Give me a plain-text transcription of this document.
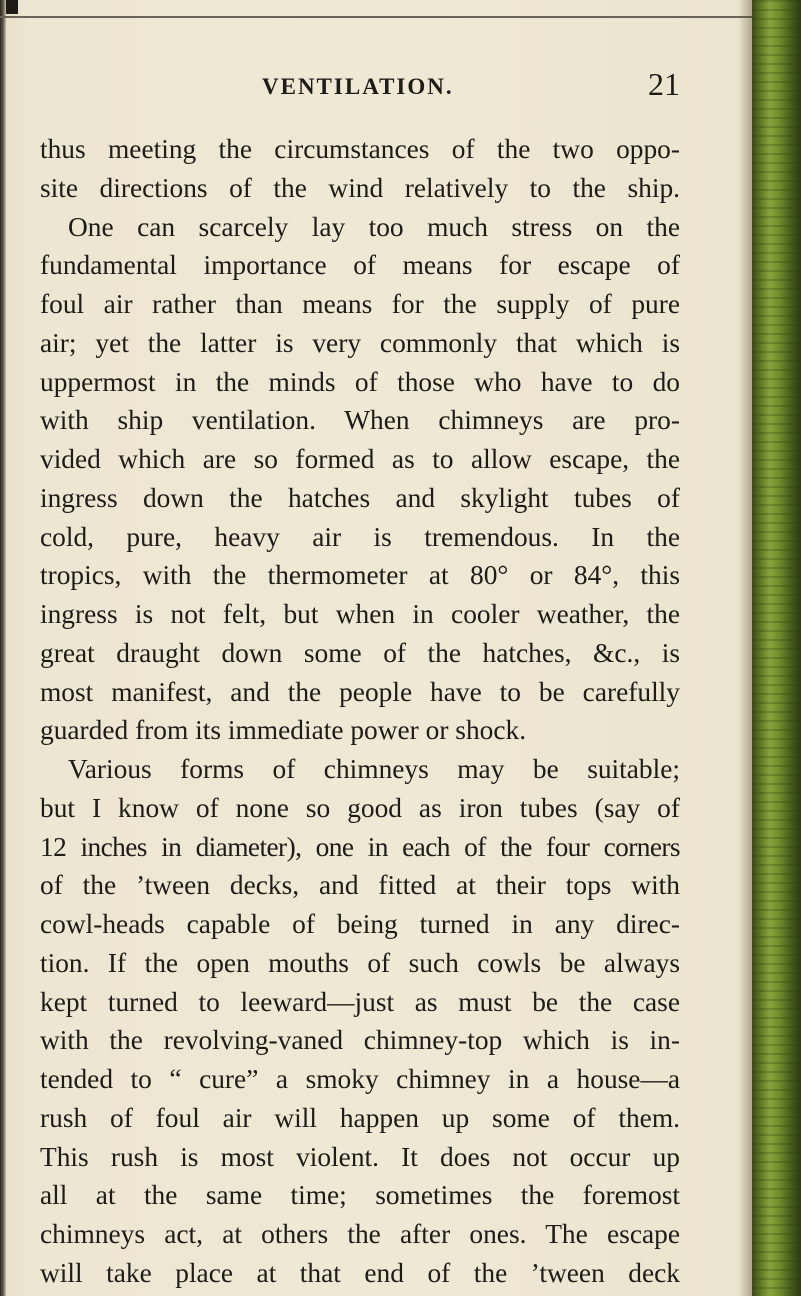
VENTILATION.	21
thus meeting the circumstances of the two oppo-
site directions of the wind relatively to the ship.
One can scarcely lay too much stress on the
fundamental importance of means for escape of
foul air rather than means for the supply of pure
air; yet the latter is very commonly that which is
uppermost in the minds of those who have to do
with ship ventilation. When chimneys are pro-
vided which are so formed as to allow escape, the
ingress down the hatches and skylight tubes of
cold, pure, heavy air is tremendous. In the
tropics, with the thermometer at 80° or 84°, this
ingress is not felt, but when in cooler weather, the
great draught down some of the hatches, &c., is
most manifest, and the people have to be carefully
guarded from its immediate power or shock.
Various forms of chimneys may be suitable;
but I know of none so good as iron tubes (say of
12 inches in diameter), one in each of the four corners
of the ’tween decks, and fitted at their tops with
cowl-heads capable of being turned in any direc-
tion. If the open mouths of such cowls be always
kept turned to leeward—just as must be the case
with the revolving-vaned chimney-top which is in-
tended to “ cure” a smoky chimney in a house—a
rush of foul air will happen up some of them.
This rush is most violent. It does not occur up
all at the same time; sometimes the foremost
chimneys act, at others the after ones. The escape
will take place at that end of the ’tween deck
